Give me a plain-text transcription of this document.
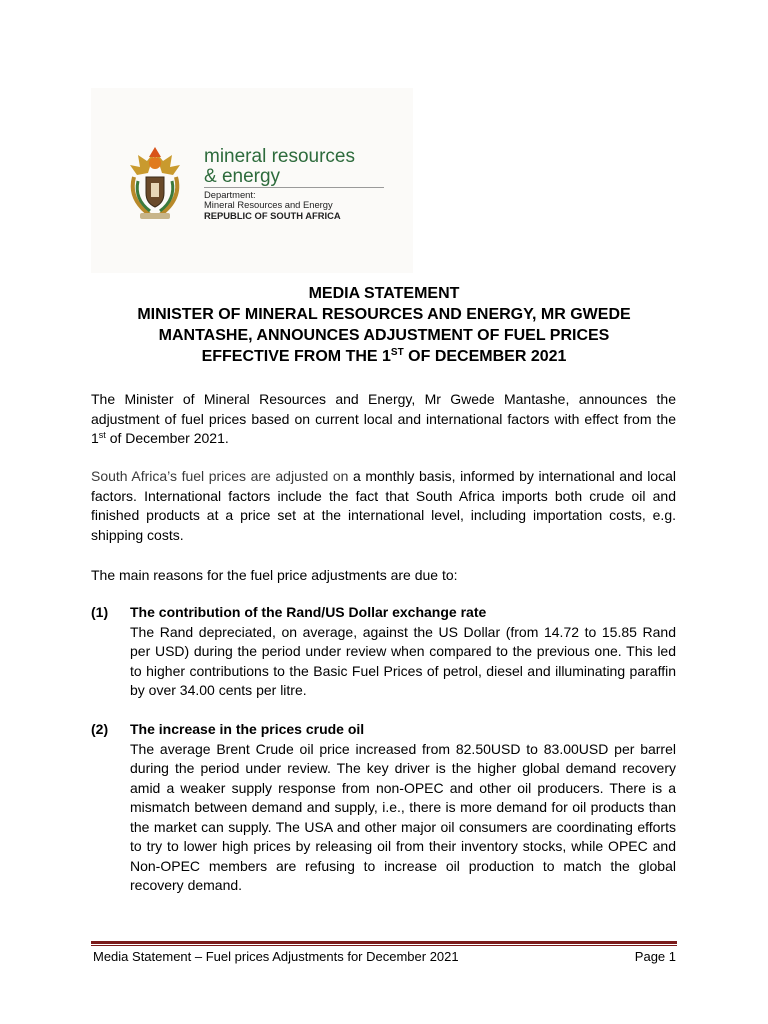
mineral resources
& energy
Department:
Mineral Resources and Energy
REPUBLIC OF SOUTH AFRICA
MEDIA STATEMENT
MINISTER OF MINERAL RESOURCES AND ENERGY, MR GWEDE
MANTASHE, ANNOUNCES ADJUSTMENT OF FUEL PRICES
EFFECTIVE FROM THE 1ST OF DECEMBER 2021
The Minister of Mineral Resources and Energy, Mr Gwede Mantashe, announces the adjustment of fuel prices based on current local and international factors with effect from the 1st of December 2021.
South Africa’s fuel prices are adjusted on a monthly basis, informed by international and local factors. International factors include the fact that South Africa imports both crude oil and finished products at a price set at the international level, including importation costs, e.g. shipping costs.
The main reasons for the fuel price adjustments are due to:
(1) The contribution of the Rand/US Dollar exchange rate
The Rand depreciated, on average, against the US Dollar (from 14.72 to 15.85 Rand per USD) during the period under review when compared to the previous one. This led to higher contributions to the Basic Fuel Prices of petrol, diesel and illuminating paraffin by over 34.00 cents per litre.
(2) The increase in the prices crude oil
The average Brent Crude oil price increased from 82.50USD to 83.00USD per barrel during the period under review. The key driver is the higher global demand recovery amid a weaker supply response from non-OPEC and other oil producers. There is a mismatch between demand and supply, i.e., there is more demand for oil products than the market can supply. The USA and other major oil consumers are coordinating efforts to try to lower high prices by releasing oil from their inventory stocks, while OPEC and Non-OPEC members are refusing to increase oil production to match the global recovery demand.
Media Statement – Fuel prices Adjustments for December 2021	Page 1
